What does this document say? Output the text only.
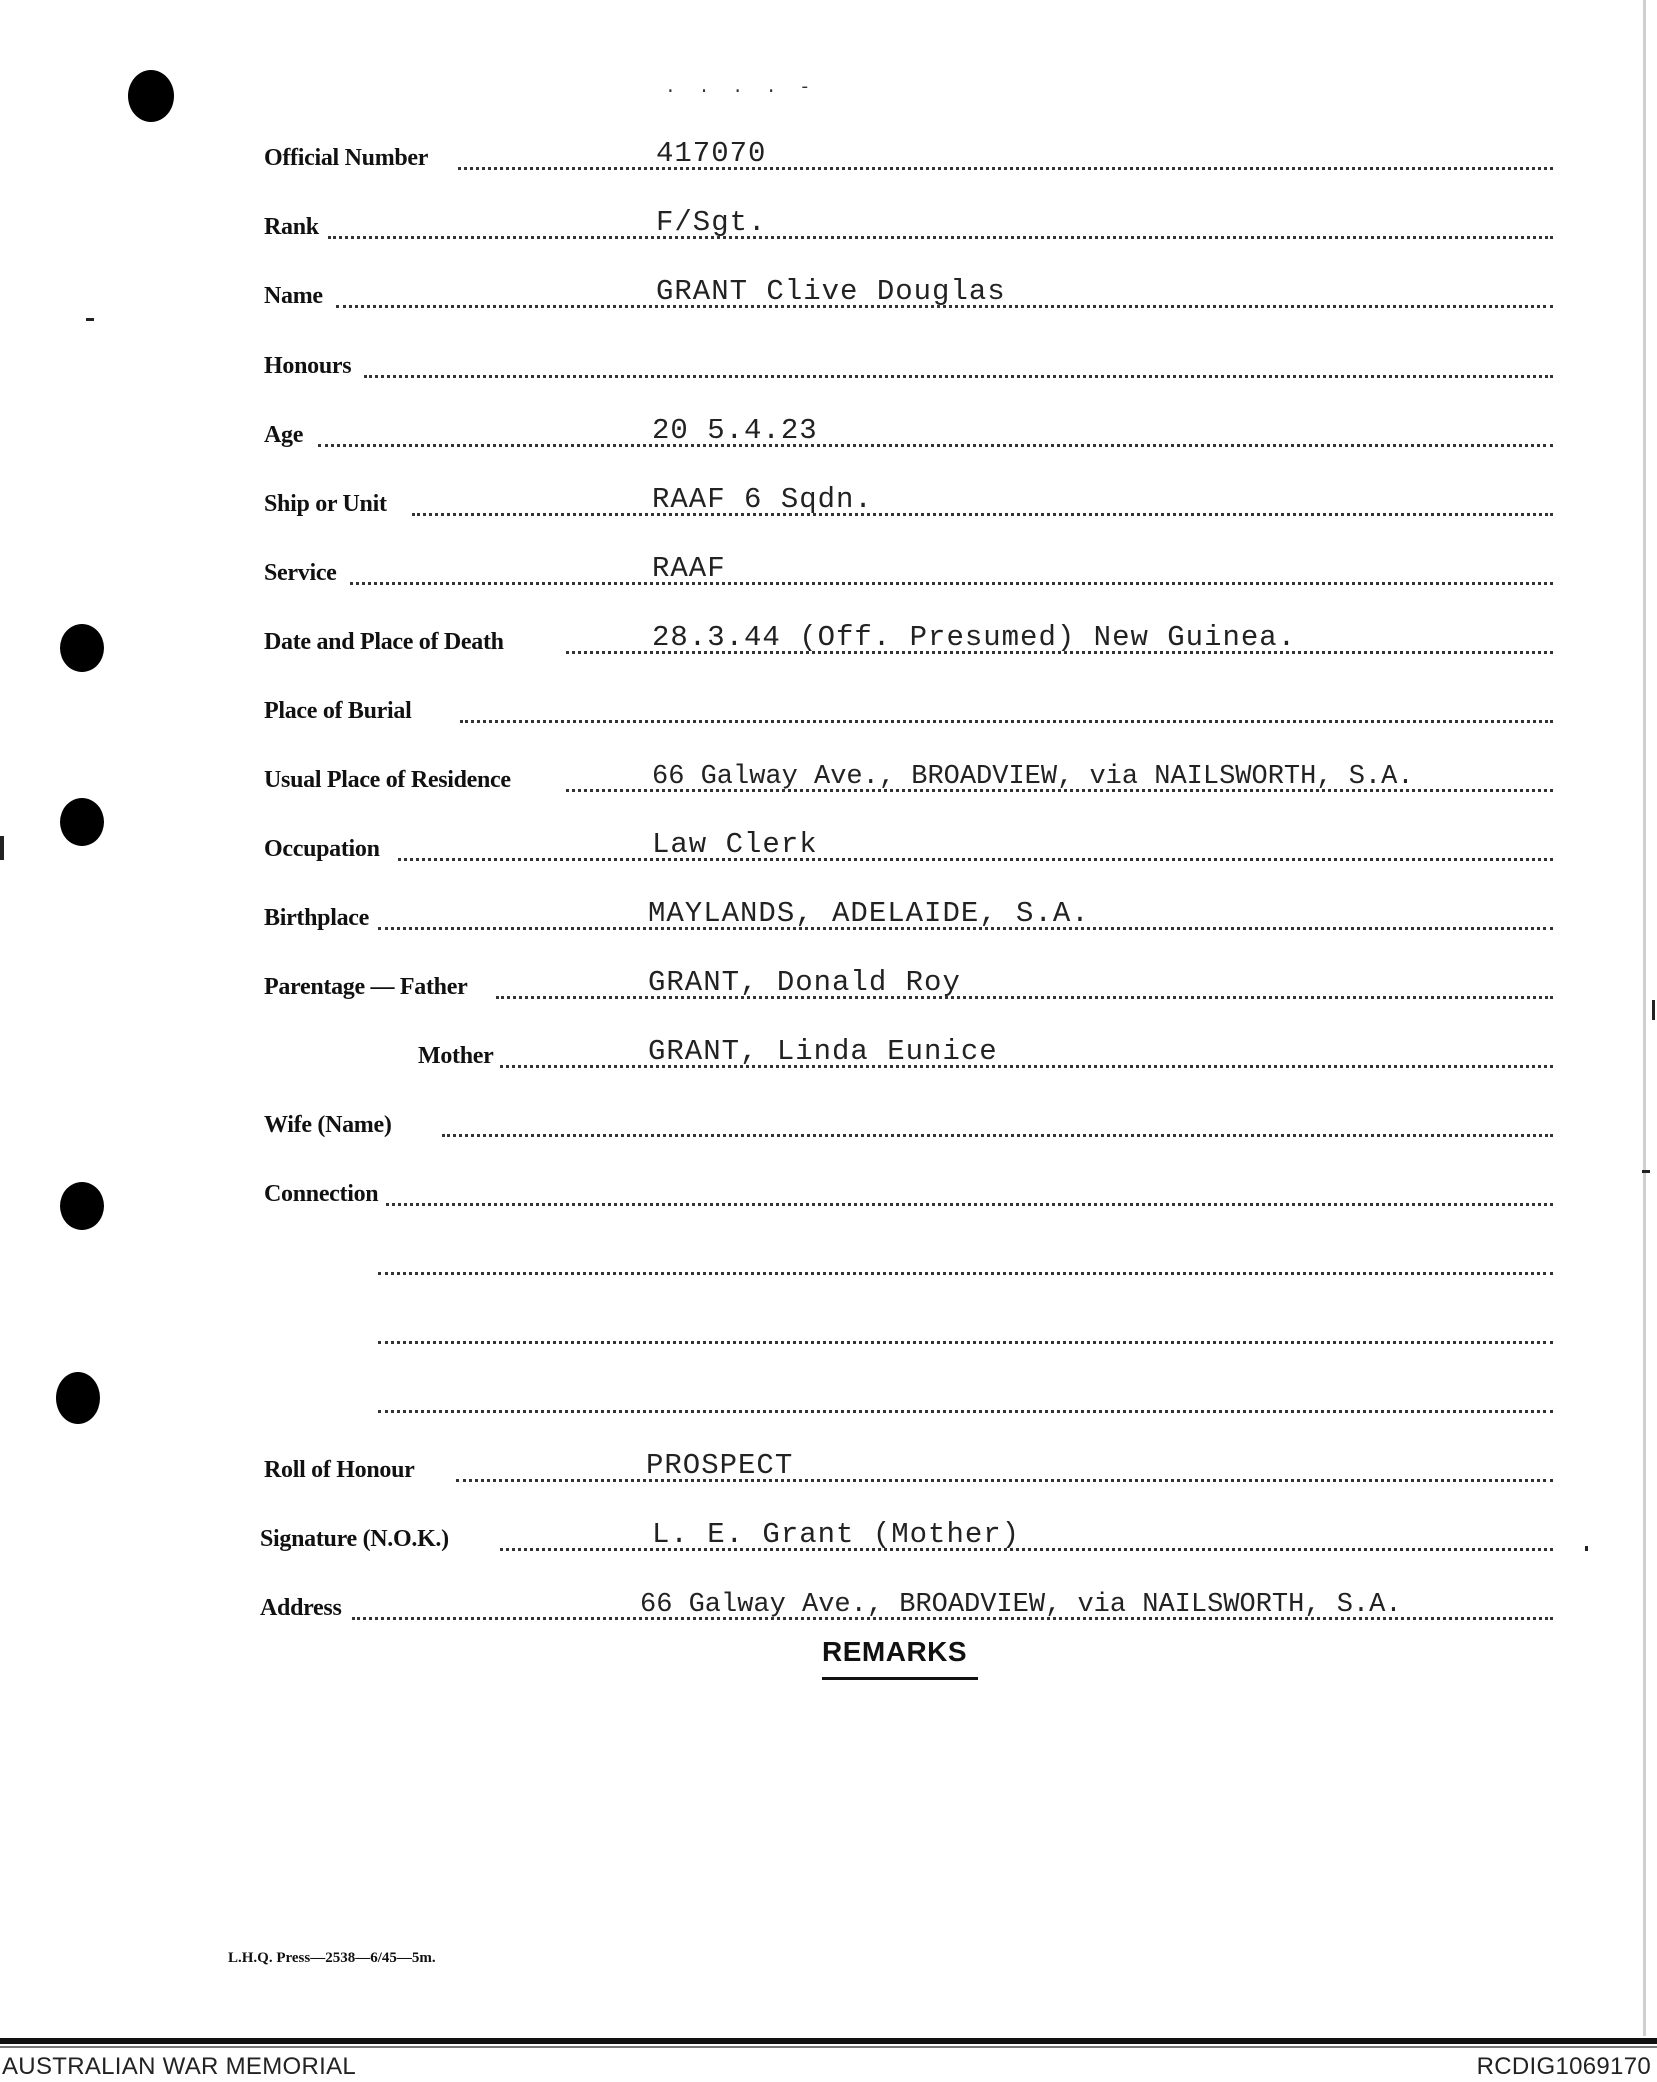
. . . . -
Official Number	417070
Rank	F/Sgt.
Name	GRANT Clive Douglas
Honours
Age	20 5.4.23
Ship or Unit	RAAF 6 Sqdn.
Service	RAAF
Date and Place of Death	28.3.44 (Off. Presumed) New Guinea.
Place of Burial
Usual Place of Residence	66 Galway Ave., BROADVIEW, via NAILSWORTH, S.A.
Occupation	Law Clerk
Birthplace	MAYLANDS, ADELAIDE, S.A.
Parentage — Father	GRANT, Donald Roy
Mother	GRANT, Linda Eunice
Wife (Name)
Connection
Roll of Honour	PROSPECT
Signature (N.O.K.)	L. E. Grant (Mother)
Address	66 Galway Ave., BROADVIEW, via NAILSWORTH, S.A.
REMARKS
L.H.Q. Press—2538—6/45—5m.
AUSTRALIAN WAR MEMORIAL	RCDIG1069170
